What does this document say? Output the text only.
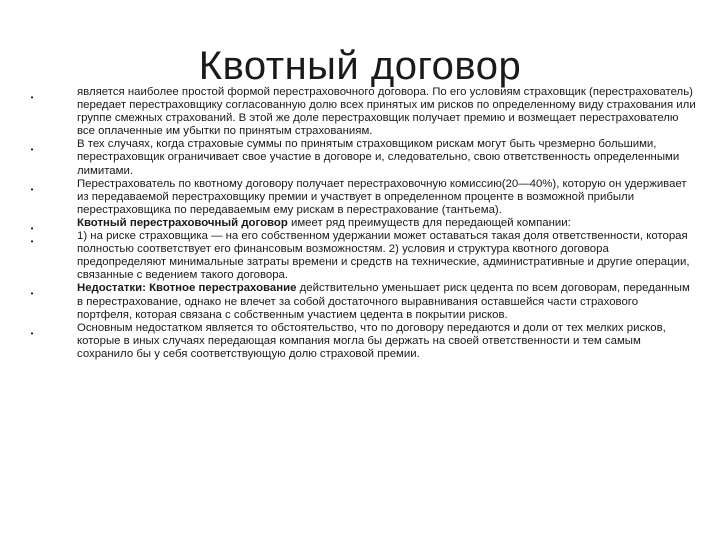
Квотный договор
•	является наиболее простой формой перестраховочного договора. По его условиям страховщик (перестрахователь) передает перестраховщику согласованную долю всех принятых им рисков по определенному виду страхования или группе смежных страхований. В этой же доле перестраховщик получает премию и возмещает перестрахователю все оплаченные им убытки по принятым страхованиям.
•	В тех случаях, когда страховые суммы по принятым страховщиком рискам могут быть чрезмерно большими, перестраховщик ограничивает свое участие в договоре и, следовательно, свою ответственность определенными лимитами.
•	Перестрахователь по квотному договору получает перестраховочную комиссию(20—40%), которую он удерживает из передаваемой перестраховщику премии и участвует в определенном проценте в возможной прибыли перестраховщика по передаваемым ему рискам в перестрахование (тантьема).
•	Квотный перестраховочный договор имеет ряд преимуществ для передающей компании:
•	1) на риске страховщика — на его собственном удержании может оставаться такая доля ответственности, которая полностью соответствует его финансовым возможностям. 2) условия и структура квотного договора предопределяют минимальные затраты времени и средств на технические, административные и другие операции, связанные с ведением такого договора.
•	Недостатки: Квотное перестрахование действительно уменьшает риск цедента по всем договорам, переданным в перестрахование, однако не влечет за собой достаточного выравнивания оставшейся части страхового портфеля, которая связана с собственным участием цедента в покрытии рисков.
•	Основным недостатком является то обстоятельство, что по договору передаются и доли от тех мелких рисков, которые в иных случаях передающая компания могла бы держать на своей ответственности и тем самым сохранило бы у себя соответствующую долю страховой премии.
